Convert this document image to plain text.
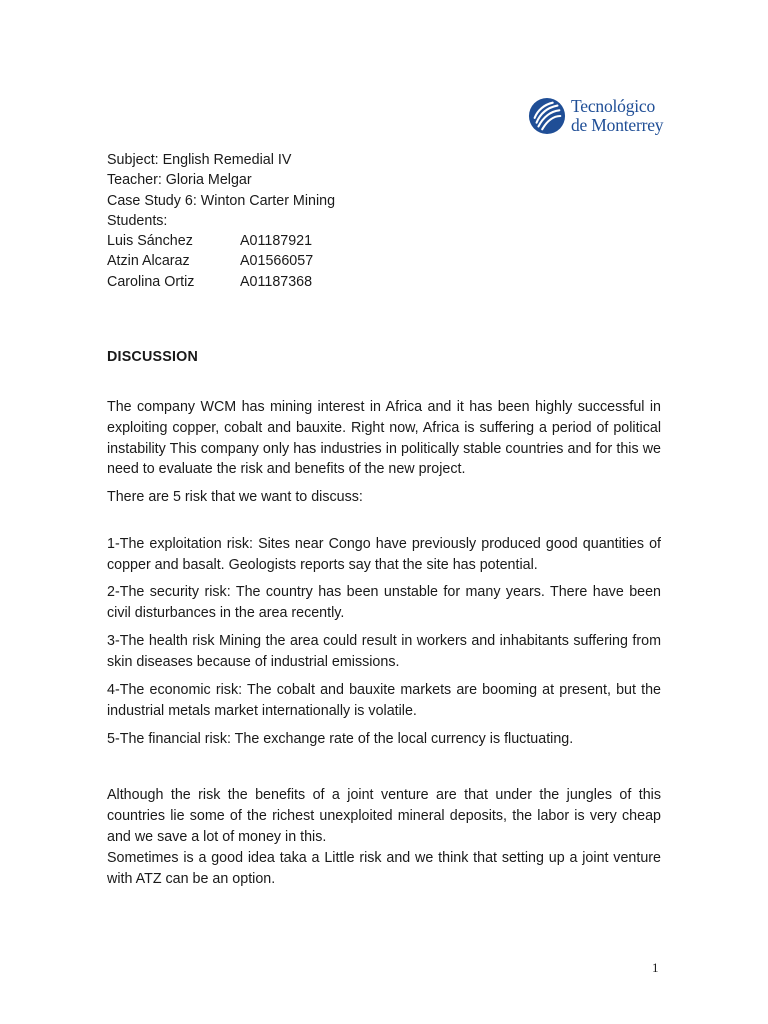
Tecnológico
de Monterrey
Subject: English Remedial IV
Teacher: Gloria Melgar
Case Study 6: Winton Carter Mining
Students:
Luis Sánchez	A01187921
Atzin Alcaraz	A01566057
Carolina Ortiz	A01187368
DISCUSSION
The company WCM has mining interest in Africa and it has been highly successful in exploiting copper, cobalt and bauxite. Right now, Africa is suffering a period of political instability This company only has industries in politically stable countries and for this we need to evaluate the risk and benefits of the new project.
There are 5 risk that we want to discuss:
1-The exploitation risk: Sites near Congo have previously produced good quantities of copper and basalt. Geologists reports say that the site has potential.
2-The security risk: The country has been unstable for many years. There have been civil disturbances in the area recently.
3-The health risk Mining the area could result in workers and inhabitants suffering from skin diseases because of industrial emissions.
4-The economic risk: The cobalt and bauxite markets are booming at present, but the industrial metals market internationally is volatile.
5-The financial risk: The exchange rate of the local currency is fluctuating.
Although the risk the benefits of a joint venture are that under the jungles of this countries lie some of the richest unexploited mineral deposits, the labor is very cheap and we save a lot of money in this.
Sometimes is a good idea taka a Little risk and we think that setting up a joint venture with ATZ can be an option.
1
